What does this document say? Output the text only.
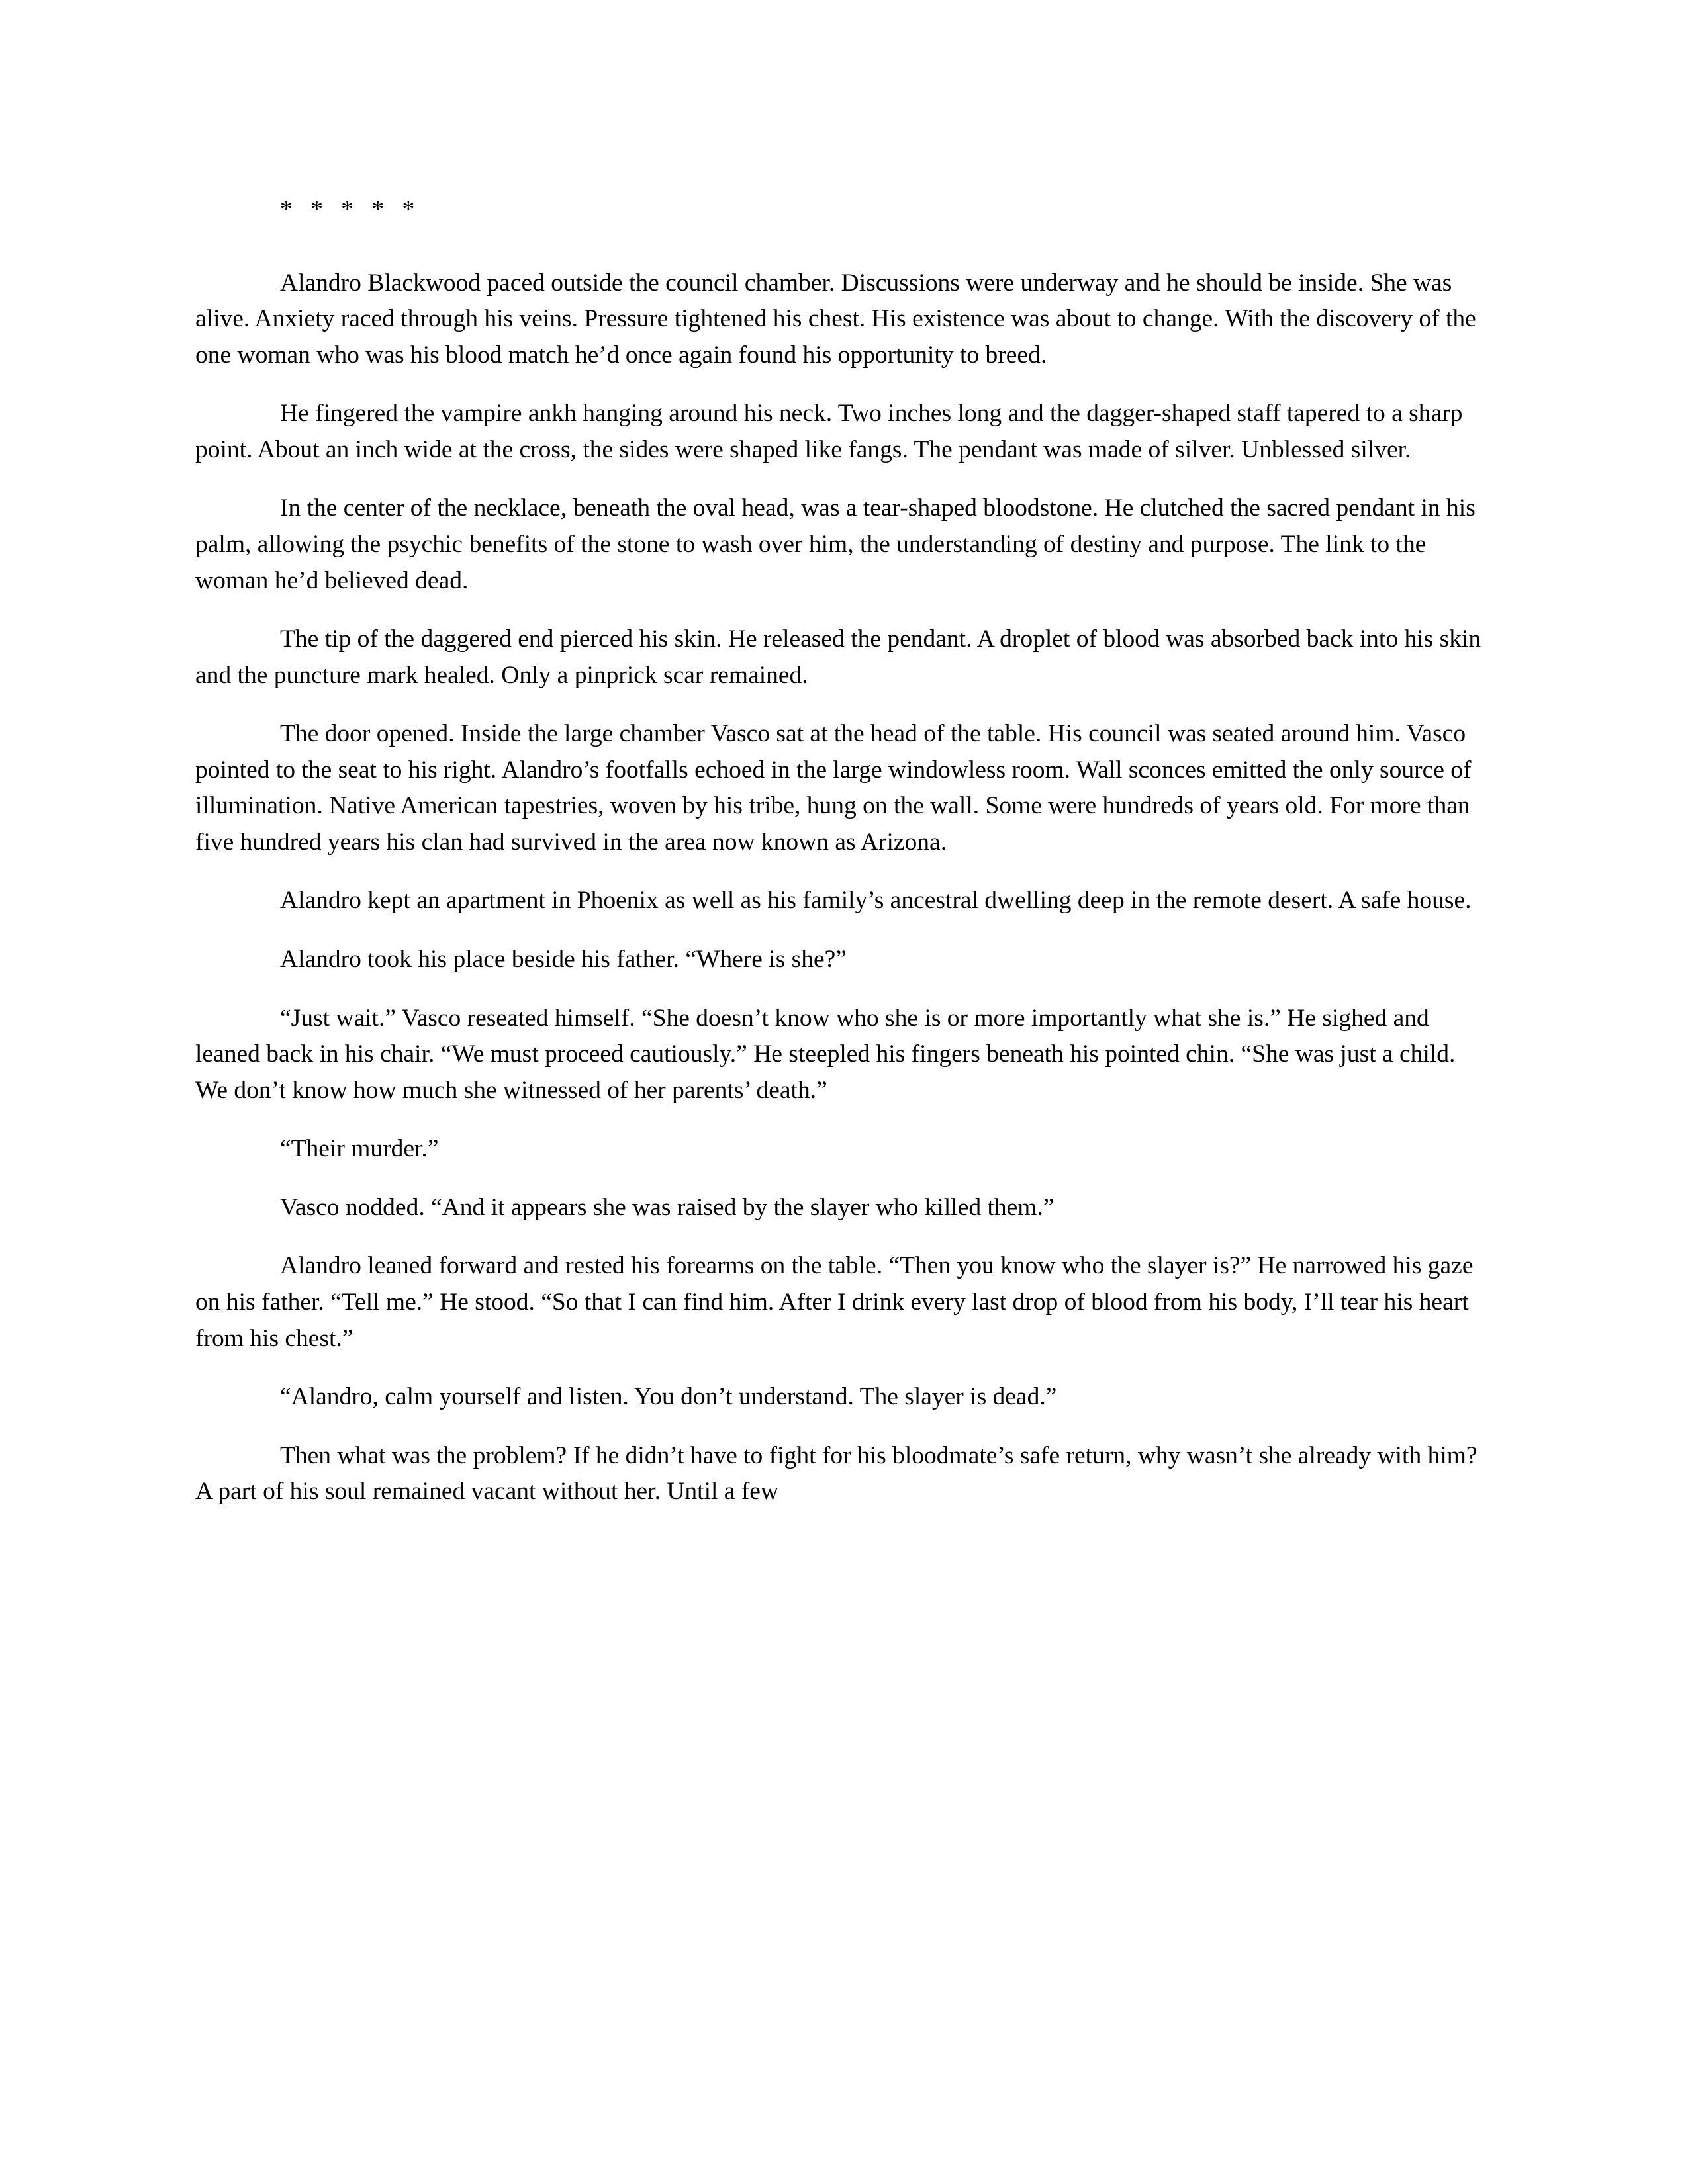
* * * * *

Alandro Blackwood paced outside the council chamber. Discussions were underway and he should be inside. She was alive. Anxiety raced through his veins. Pressure tightened his chest. His existence was about to change. With the discovery of the one woman who was his blood match he’d once again found his opportunity to breed.

He fingered the vampire ankh hanging around his neck. Two inches long and the dagger-shaped staff tapered to a sharp point. About an inch wide at the cross, the sides were shaped like fangs. The pendant was made of silver. Unblessed silver.

In the center of the necklace, beneath the oval head, was a tear-shaped bloodstone. He clutched the sacred pendant in his palm, allowing the psychic benefits of the stone to wash over him, the understanding of destiny and purpose. The link to the woman he’d believed dead.

The tip of the daggered end pierced his skin. He released the pendant. A droplet of blood was absorbed back into his skin and the puncture mark healed. Only a pinprick scar remained.

The door opened. Inside the large chamber Vasco sat at the head of the table. His council was seated around him. Vasco pointed to the seat to his right. Alandro’s footfalls echoed in the large windowless room. Wall sconces emitted the only source of illumination. Native American tapestries, woven by his tribe, hung on the wall. Some were hundreds of years old. For more than five hundred years his clan had survived in the area now known as Arizona.

Alandro kept an apartment in Phoenix as well as his family’s ancestral dwelling deep in the remote desert. A safe house.

Alandro took his place beside his father. “Where is she?”

“Just wait.” Vasco reseated himself. “She doesn’t know who she is or more importantly what she is.” He sighed and leaned back in his chair. “We must proceed cautiously.” He steepled his fingers beneath his pointed chin. “She was just a child. We don’t know how much she witnessed of her parents’ death.”

“Their murder.”

Vasco nodded. “And it appears she was raised by the slayer who killed them.”

Alandro leaned forward and rested his forearms on the table. “Then you know who the slayer is?” He narrowed his gaze on his father. “Tell me.” He stood. “So that I can find him. After I drink every last drop of blood from his body, I’ll tear his heart from his chest.”

“Alandro, calm yourself and listen. You don’t understand. The slayer is dead.”

Then what was the problem? If he didn’t have to fight for his bloodmate’s safe return, why wasn’t she already with him? A part of his soul remained vacant without her. Until a few
